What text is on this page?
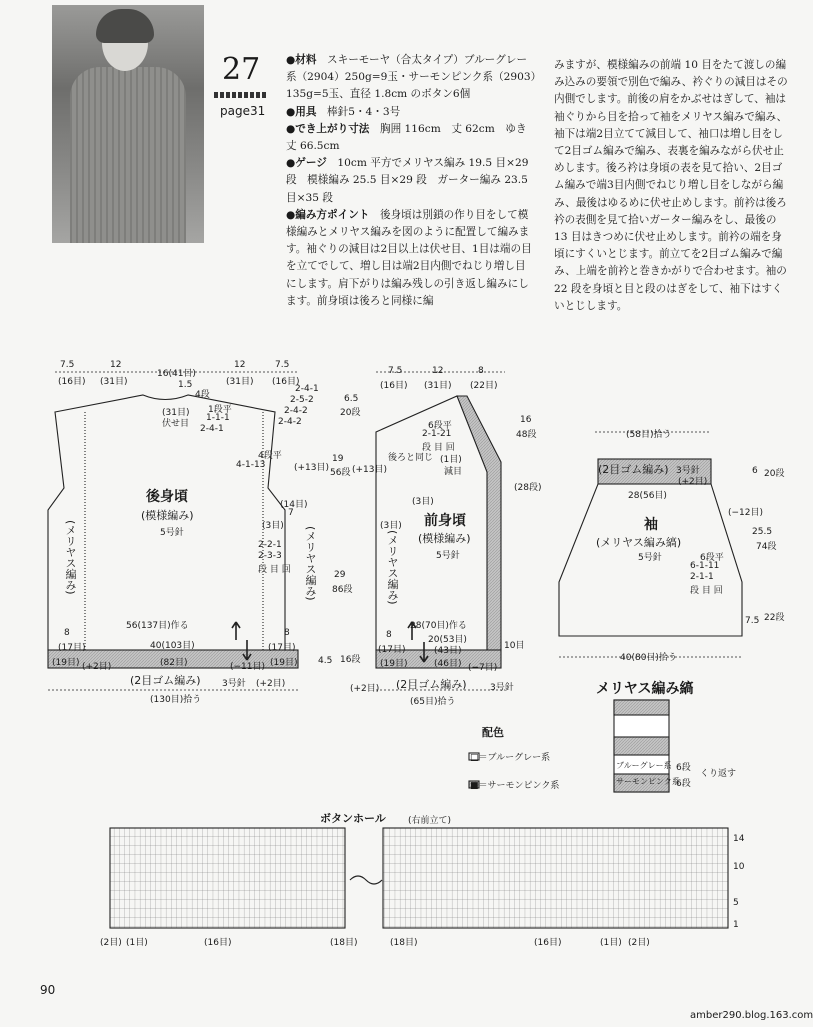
27
page31

●材料　 スキーモーヤ（合太タイプ）ブルーグレー系（2904）250g=9玉・サーモンピンク系（2903）135g=5玉、直径 1.8cm のボタン6個

●用具　 棒針5・4・3号

●でき上がり寸法　 胸囲 116cm　丈 62cm　ゆき丈 66.5cm

●ゲージ　 10cm 平方でメリヤス編み 19.5 目×29 段　模様編み 25.5 目×29 段　ガーター編み 23.5 目×35 段

●編み方ポイント　 後身頃は別鎖の作り目をして模様編みとメリヤス編みを図のように配置して編みます。袖ぐりの減目は2目以上は伏せ目、1目は端の目を立てでして、増し目は端2目内側でねじり増し目にします。肩下がりは編み残しの引き返し編みにします。前身頃は後ろと同様に編

みますが、模様編みの前端 10 目をたて渡しの編み込みの要領で別色で編み、衿ぐりの減目はその内側でします。前後の肩をかぶせはぎして、袖は袖ぐりから目を拾って袖をメリヤス編みで編み、袖下は端2目立てて減目して、袖口は増し目をして2目ゴム編みで編み、表裏を編みながら伏せ止めします。後ろ衿は身頃の表を見て拾い、2目ゴム編みで端3目内側でねじり増し目をしながら編み、最後はゆるめに伏せ止めします。前衿は後ろ衿の表側を見て拾いガーター編みをし、最後の 13 目はきつめに伏せ止めします。前衿の端を身頃にすくいとじます。前立てを2目ゴム編みで編み、上端を前衿と巻きかがりで合わせます。袖の 22 段を身頃と目と段のはぎをして、袖下はすくいとじします。

7.5	12
16(41目)
12	7.5
(16目) (31目)	(31目) (16目)
1.5
4段
(31目)
伏せ目
1段平
1-1-1
2-4-1
2-4-1
2-5-2
2-4-2
2-4-2
6.5
20段
4段平
4-1-13	(+13目)
19
56段
(14目)
(3目)
7
2-2-1
2-3-3
段 目 回
後身頃
(模様編み)
5号針
(メリヤス編み)	(メリヤス編み) 29
86段
4.5 16段
56(137目)作る
40(103目)
8
(17目)
8
(17目)
(19目) (+2目)	(82目)	(−11目) (19目)
(2目ゴム編み) 3号針 (+2目)
(130目)拾う
7.5	12	8
(16目) (31目) (22目)
16
48段
(28段)
6段平
2-1-21
段 目 回
(1目)
減目
後ろと同じ
(+13目)
(3目)
(3目) 前身頃
(模様編み)
5号針
(メリヤス編み)
28(70目)作る
20(53目)
(43目)
8
(17目)	10目
(19目)	(46目) (−7目)
(+2目) (2目ゴム編み)	3号針
(65目)拾う
(58目)拾う
(2目ゴム編み) 3号針
(+2目)
28(56目)
(−12目)
6 20段
25.5
74段
袖
(メリヤス編み縞)
5号針	6段平
6-1-11
2-1-1
段 目 回
7.5 22段
40(80目)拾う
メリヤス編み縞
ブルーグレー系
サーモンピンク系
6段
6段
くり返す
配色
□＝ブルーグレー系
■＝サーモンピンク系
ボタンホール (右前立て)
14
10
5
1
(2目) (1目)	(16目)	(18目)	(18目)	(16目)	(1目) (2目)
90
amber290.blog.163.com
